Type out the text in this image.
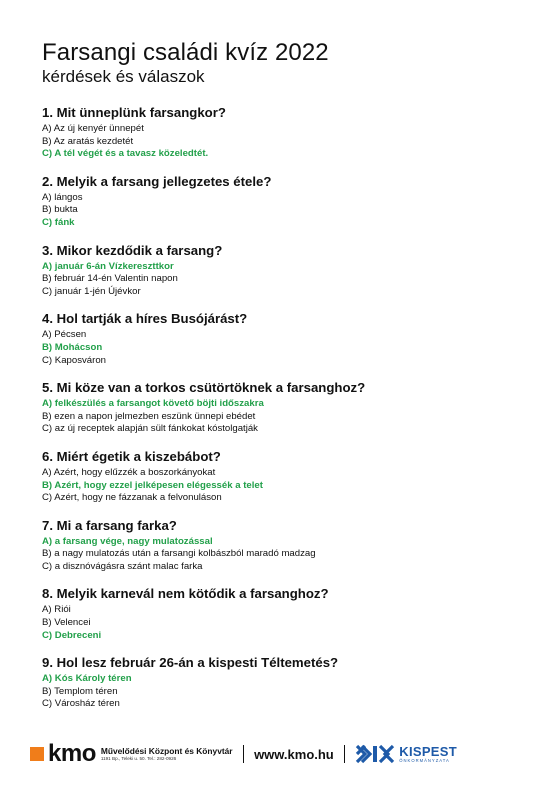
Farsangi családi kvíz 2022
kérdések és válaszok
1. Mit ünneplünk farsangkor?
A) Az új kenyér ünnepét
B) Az aratás kezdetét
C) A tél végét és a tavasz közeledtét.
2. Melyik a farsang jellegzetes étele?
A) lángos
B) bukta
C) fánk
3. Mikor kezdődik a farsang?
A) január 6-án Vízkereszttkor
B) február 14-én Valentin napon
C) január 1-jén Újévkor
4. Hol tartják a híres Busójárást?
A) Pécsen
B) Mohácson
C) Kaposváron
5. Mi köze van a torkos csütörtöknek a farsanghoz?
A) felkészülés a farsangot követő böjti időszakra
B) ezen a napon jelmezben eszünk ünnepi ebédet
C) az új receptek alapján sült fánkokat kóstolgatják
6. Miért égetik a kiszebábot?
A) Azért, hogy elűzzék a boszorkányokat
B) Azért, hogy ezzel jelképesen elégessék a telet
C) Azért, hogy ne fázzanak a felvonuláson
7. Mi a farsang farka?
A) a farsang vége, nagy mulatozással
B) a nagy mulatozás után a farsangi kolbászból maradó madzag
C) a disznóvágásra szánt malac farka
8. Melyik karnevál nem kötődik a farsanghoz?
A) Riói
B) Velencei
C) Debreceni
9. Hol lesz február 26-án a kispesti Téltemetés?
A) Kós Károly téren
B) Templom téren
C) Városház téren
kmo Művelődési Központ és Könyvtár
1191 Bp., Teleki u. 50. Tel.: 282-0926	www.kmo.hu	KISPEST
ÖNKORMÁNYZATA
